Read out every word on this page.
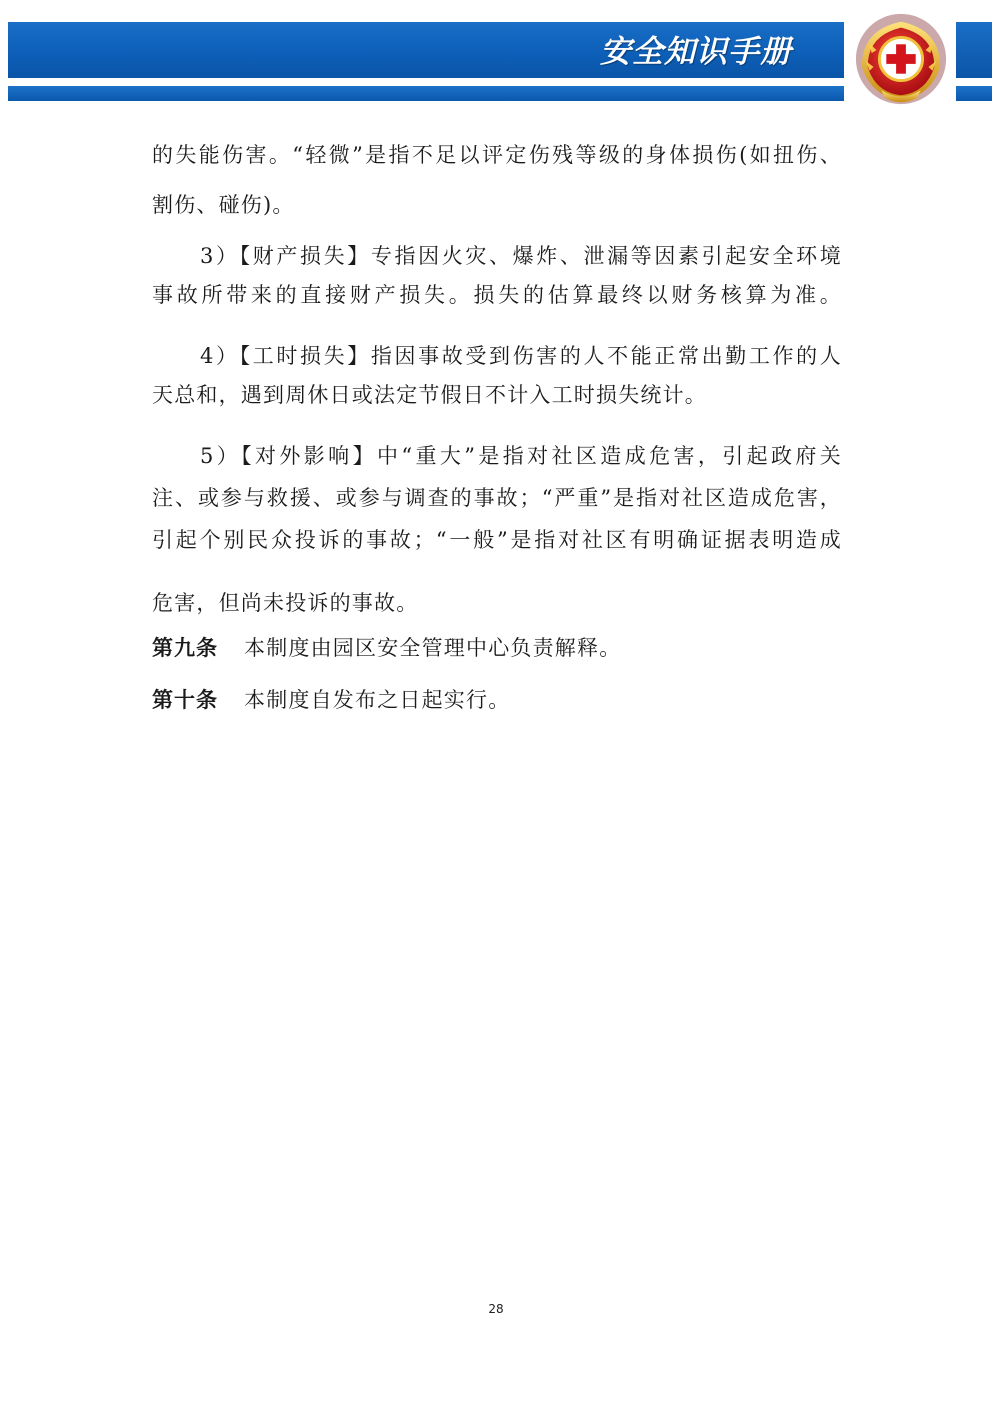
安全知识手册
的失能伤害。“轻微”是指不足以评定伤残等级的身体损伤(如扭伤、
割伤、碰伤)。
3）【财产损失】专指因火灾、爆炸、泄漏等因素引起安全环境
事故所带来的直接财产损失。损失的估算最终以财务核算为准。
4）【工时损失】指因事故受到伤害的人不能正常出勤工作的人
天总和，遇到周休日或法定节假日不计入工时损失统计。
5）【对外影响】中“重大”是指对社区造成危害，引起政府关
注、或参与救援、或参与调查的事故；“严重”是指对社区造成危害，
引起个别民众投诉的事故；“一般”是指对社区有明确证据表明造成
危害，但尚未投诉的事故。
第九条 本制度由园区安全管理中心负责解释。
第十条 本制度自发布之日起实行。
28
